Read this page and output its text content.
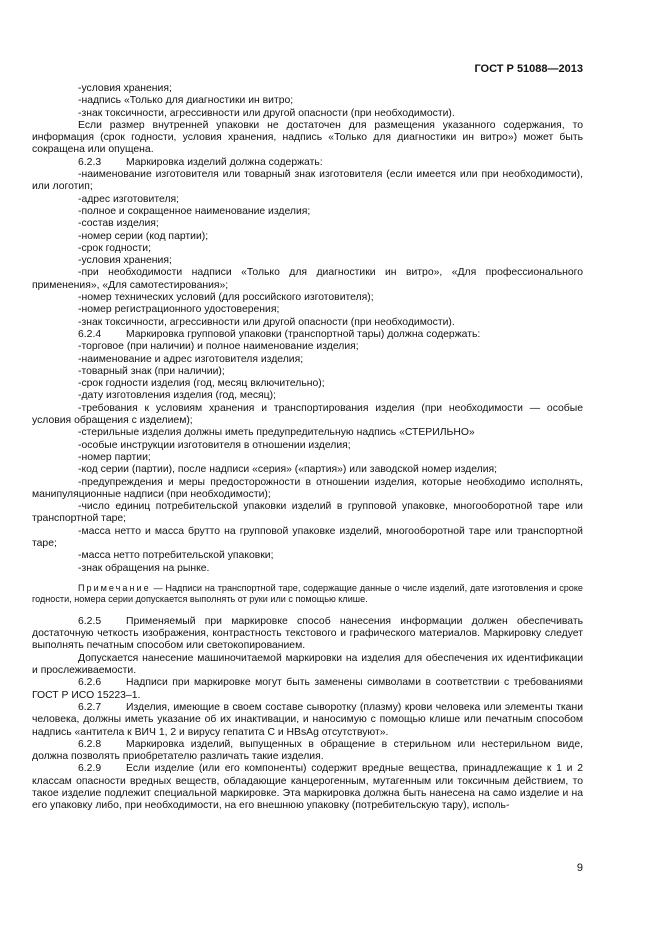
ГОСТ Р 51088—2013

-условия хранения;

-надпись «Только для диагностики ин витро;

-знак токсичности, агрессивности или другой опасности (при необходимости).

Если размер внутренней упаковки не достаточен для размещения указанного содержания, то информация (срок годности, условия хранения, надпись «Только для диагностики ин витро») может быть сокращена или опущена.

6.2.3 Маркировка изделий должна содержать:

-наименование изготовителя или товарный знак изготовителя (если имеется или при необходимости), или логотип;

-адрес изготовителя;

-полное и сокращенное наименование изделия;

-состав изделия;

-номер серии (код партии);

-срок годности;

-условия хранения;

-при необходимости надписи «Только для диагностики ин витро», «Для профессионального применения», «Для самотестирования»;

-номер технических условий (для российского изготовителя);

-номер регистрационного удостоверения;

-знак токсичности, агрессивности или другой опасности (при необходимости).

6.2.4 Маркировка групповой упаковки (транспортной тары) должна содержать:

-торговое (при наличии) и полное наименование изделия;

-наименование и адрес изготовителя изделия;

-товарный знак (при наличии);

-срок годности изделия (год, месяц включительно);

-дату изготовления изделия (год, месяц);

-требования к условиям хранения и транспортирования изделия (при необходимости — особые условия обращения с изделием);

-стерильные изделия должны иметь предупредительную надпись «СТЕРИЛЬНО»

-особые инструкции изготовителя в отношении изделия;

-номер партии;

-код серии (партии), после надписи «серия» («партия») или заводской номер изделия;

-предупреждения и меры предосторожности в отношении изделия, которые необходимо исполнять, манипуляционные надписи (при необходимости);

-число единиц потребительской упаковки изделий в групповой упаковке, многооборотной таре или транспортной таре;

-масса нетто и масса брутто на групповой упаковке изделий, многооборотной таре или транспортной таре;

-масса нетто потребительской упаковки;

-знак обращения на рынке.

Примечание — Надписи на транспортной таре, содержащие данные о числе изделий, дате изготовления и сроке годности, номера серии допускается выполнять от руки или с помощью клише.

6.2.5 Применяемый при маркировке способ нанесения информации должен обеспечивать достаточную четкость изображения, контрастность текстового и графического материалов. Маркировку следует выполнять печатным способом или светокопированием.

Допускается нанесение машиночитаемой маркировки на изделия для обеспечения их идентификации и прослеживаемости.

6.2.6 Надписи при маркировке могут быть заменены символами в соответствии с требованиями ГОСТ Р ИСО 15223–1.

6.2.7 Изделия, имеющие в своем составе сыворотку (плазму) крови человека или элементы ткани человека, должны иметь указание об их инактивации, и наносимую с помощью клише или печатным способом надпись «антитела к ВИЧ 1, 2 и вирусу гепатита С и HBsAg отсутствуют».

6.2.8 Маркировка изделий, выпущенных в обращение в стерильном или нестерильном виде, должна позволять приобретателю различать такие изделия.

6.2.9 Если изделие (или его компоненты) содержит вредные вещества, принадлежащие к 1 и 2 классам опасности вредных веществ, обладающие канцерогенным, мутагенным или токсичным действием, то такое изделие подлежит специальной маркировке. Эта маркировка должна быть нанесена на само изделие и на его упаковку либо, при необходимости, на его внешнюю упаковку (потребительскую тару), исполь-

9
